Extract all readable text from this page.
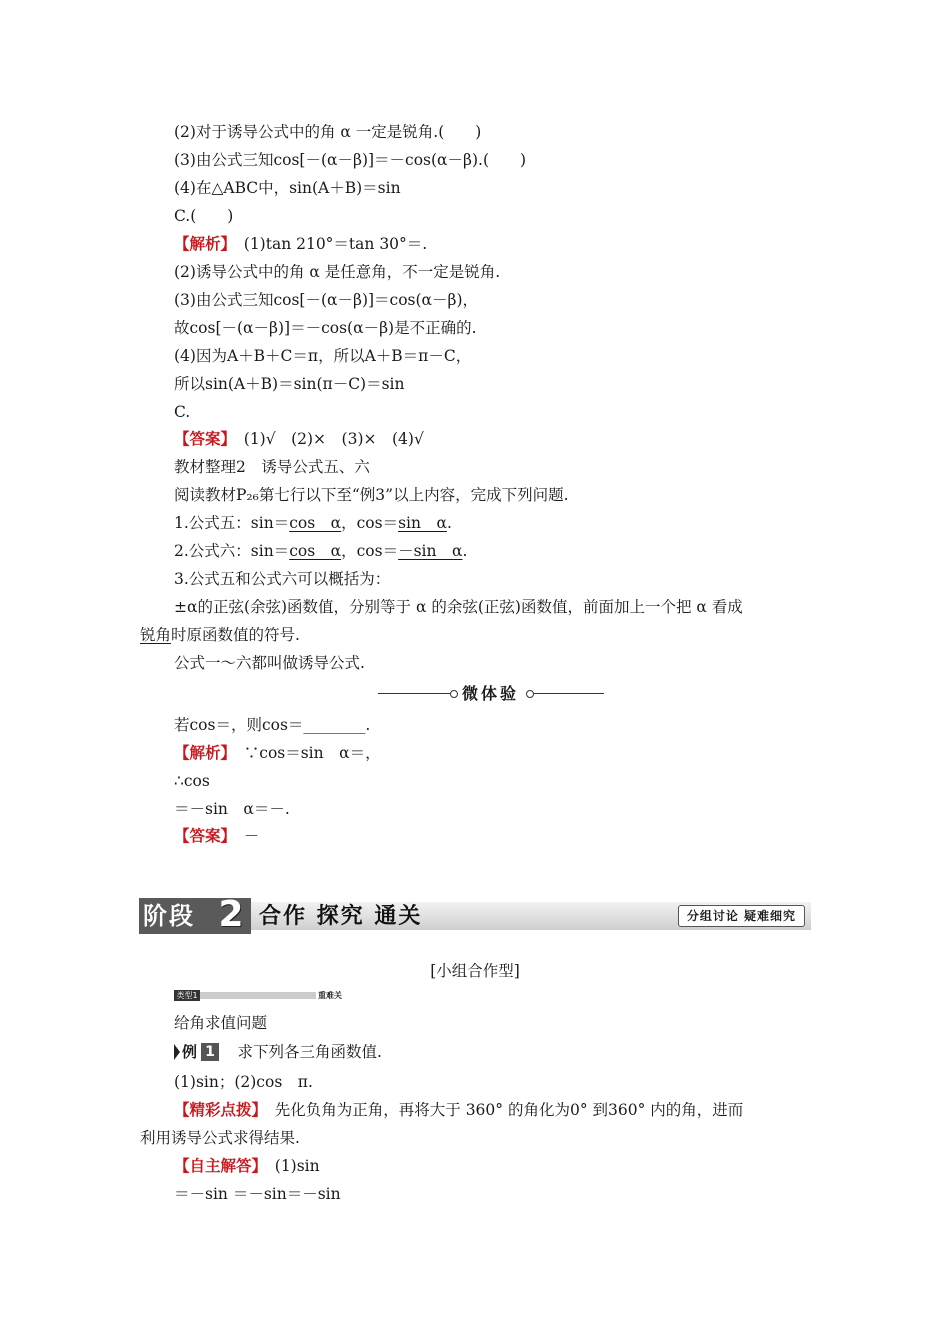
(2)对于诱导公式中的角 α 一定是锐角.(　　)
(3)由公式三知cos[－(α－β)]＝－cos(α－β).(　　)
(4)在△ABC中，sin(A＋B)＝sin
C.(　　)
【解析】　(1)tan 210°＝tan 30°＝.
(2)诱导公式中的角 α 是任意角，不一定是锐角.
(3)由公式三知cos[－(α－β)]＝cos(α－β)，
故cos[－(α－β)]＝－cos(α－β)是不正确的.
(4)因为A＋B＋C＝π，所以A＋B＝π－C，
所以sin(A＋B)＝sin(π－C)＝sin
C.
【答案】　(1)√　(2)×　(3)×　(4)√
教材整理2　诱导公式五、六
阅读教材P₂₆第七行以下至“例3”以上内容，完成下列问题.
1.公式五：sin＝cos　α，cos＝sin　α.
2.公式六：sin＝cos　α，cos＝－sin　α.
3.公式五和公式六可以概括为：
±α的正弦(余弦)函数值，分别等于 α 的余弦(正弦)函数值，前面加上一个把 α 看成
锐角时原函数值的符号.
公式一～六都叫做诱导公式.
微体验
若cos＝，则cos＝________.
【解析】　∵cos＝sin　α＝，
∴cos
＝－sin　α＝－.
【答案】　－
阶段 2 合作 探究 通关	分组讨论 疑难细究
[小组合作型]
类型1	重难关
给角求值问题
例 1 　求下列各三角函数值.
(1)sin；(2)cos　π.
【精彩点拨】　先化负角为正角，再将大于 360° 的角化为0° 到360° 内的角，进而
利用诱导公式求得结果.
【自主解答】　(1)sin
＝－sin ＝－sin＝－sin
